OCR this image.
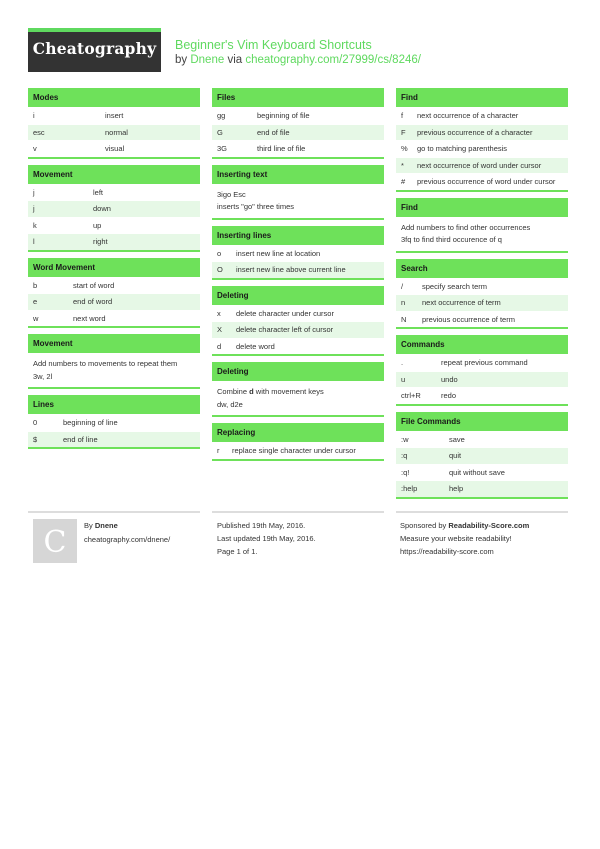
Cheatography	Beginner's Vim Keyboard Shortcuts
by Dnene via cheatography.com/27999/cs/8246/
Modes
i	insert
esc	normal
v	visual
Movement
j	left
j	down
k	up
l	right
Word Movement
b	start of word
e	end of word
w	next word
Movement
Add numbers to movements to repeat them
3w, 2l
Lines
0	beginning of line
$	end of line
Files
gg	beginning of file
G	end of file
3G	third line of file
Inserting text
3igo Esc
inserts "go" three times
Inserting lines
o	insert new line at location
O	insert new line above current line
Deleting
x	delete character under cursor
X	delete character left of cursor
d	delete word
Deleting
Combine d with movement keys
dw, d2e
Replacing
r	replace single character under cursor
Find
f	next occurrence of a character
F	previous occurrence of a character
%	go to matching parenthesis
*	next occurrence of word under cursor
#	previous occurrence of word under cursor
Find
Add numbers to find other occurrences
3fq to find third occurence of q
Search
/	specify search term
n	next occurrence of term
N	previous occurrence of term
Commands
.	repeat previous command
u	undo
ctrl+R	redo
File Commands
:w	save
:q	quit
:q!	quit without save
:help	help
C	By Dnene
cheatography.com/dnene/
Published 19th May, 2016.
Last updated 19th May, 2016.
Page 1 of 1.
Sponsored by Readability-Score.com
Measure your website readability!
https://readability-score.com
